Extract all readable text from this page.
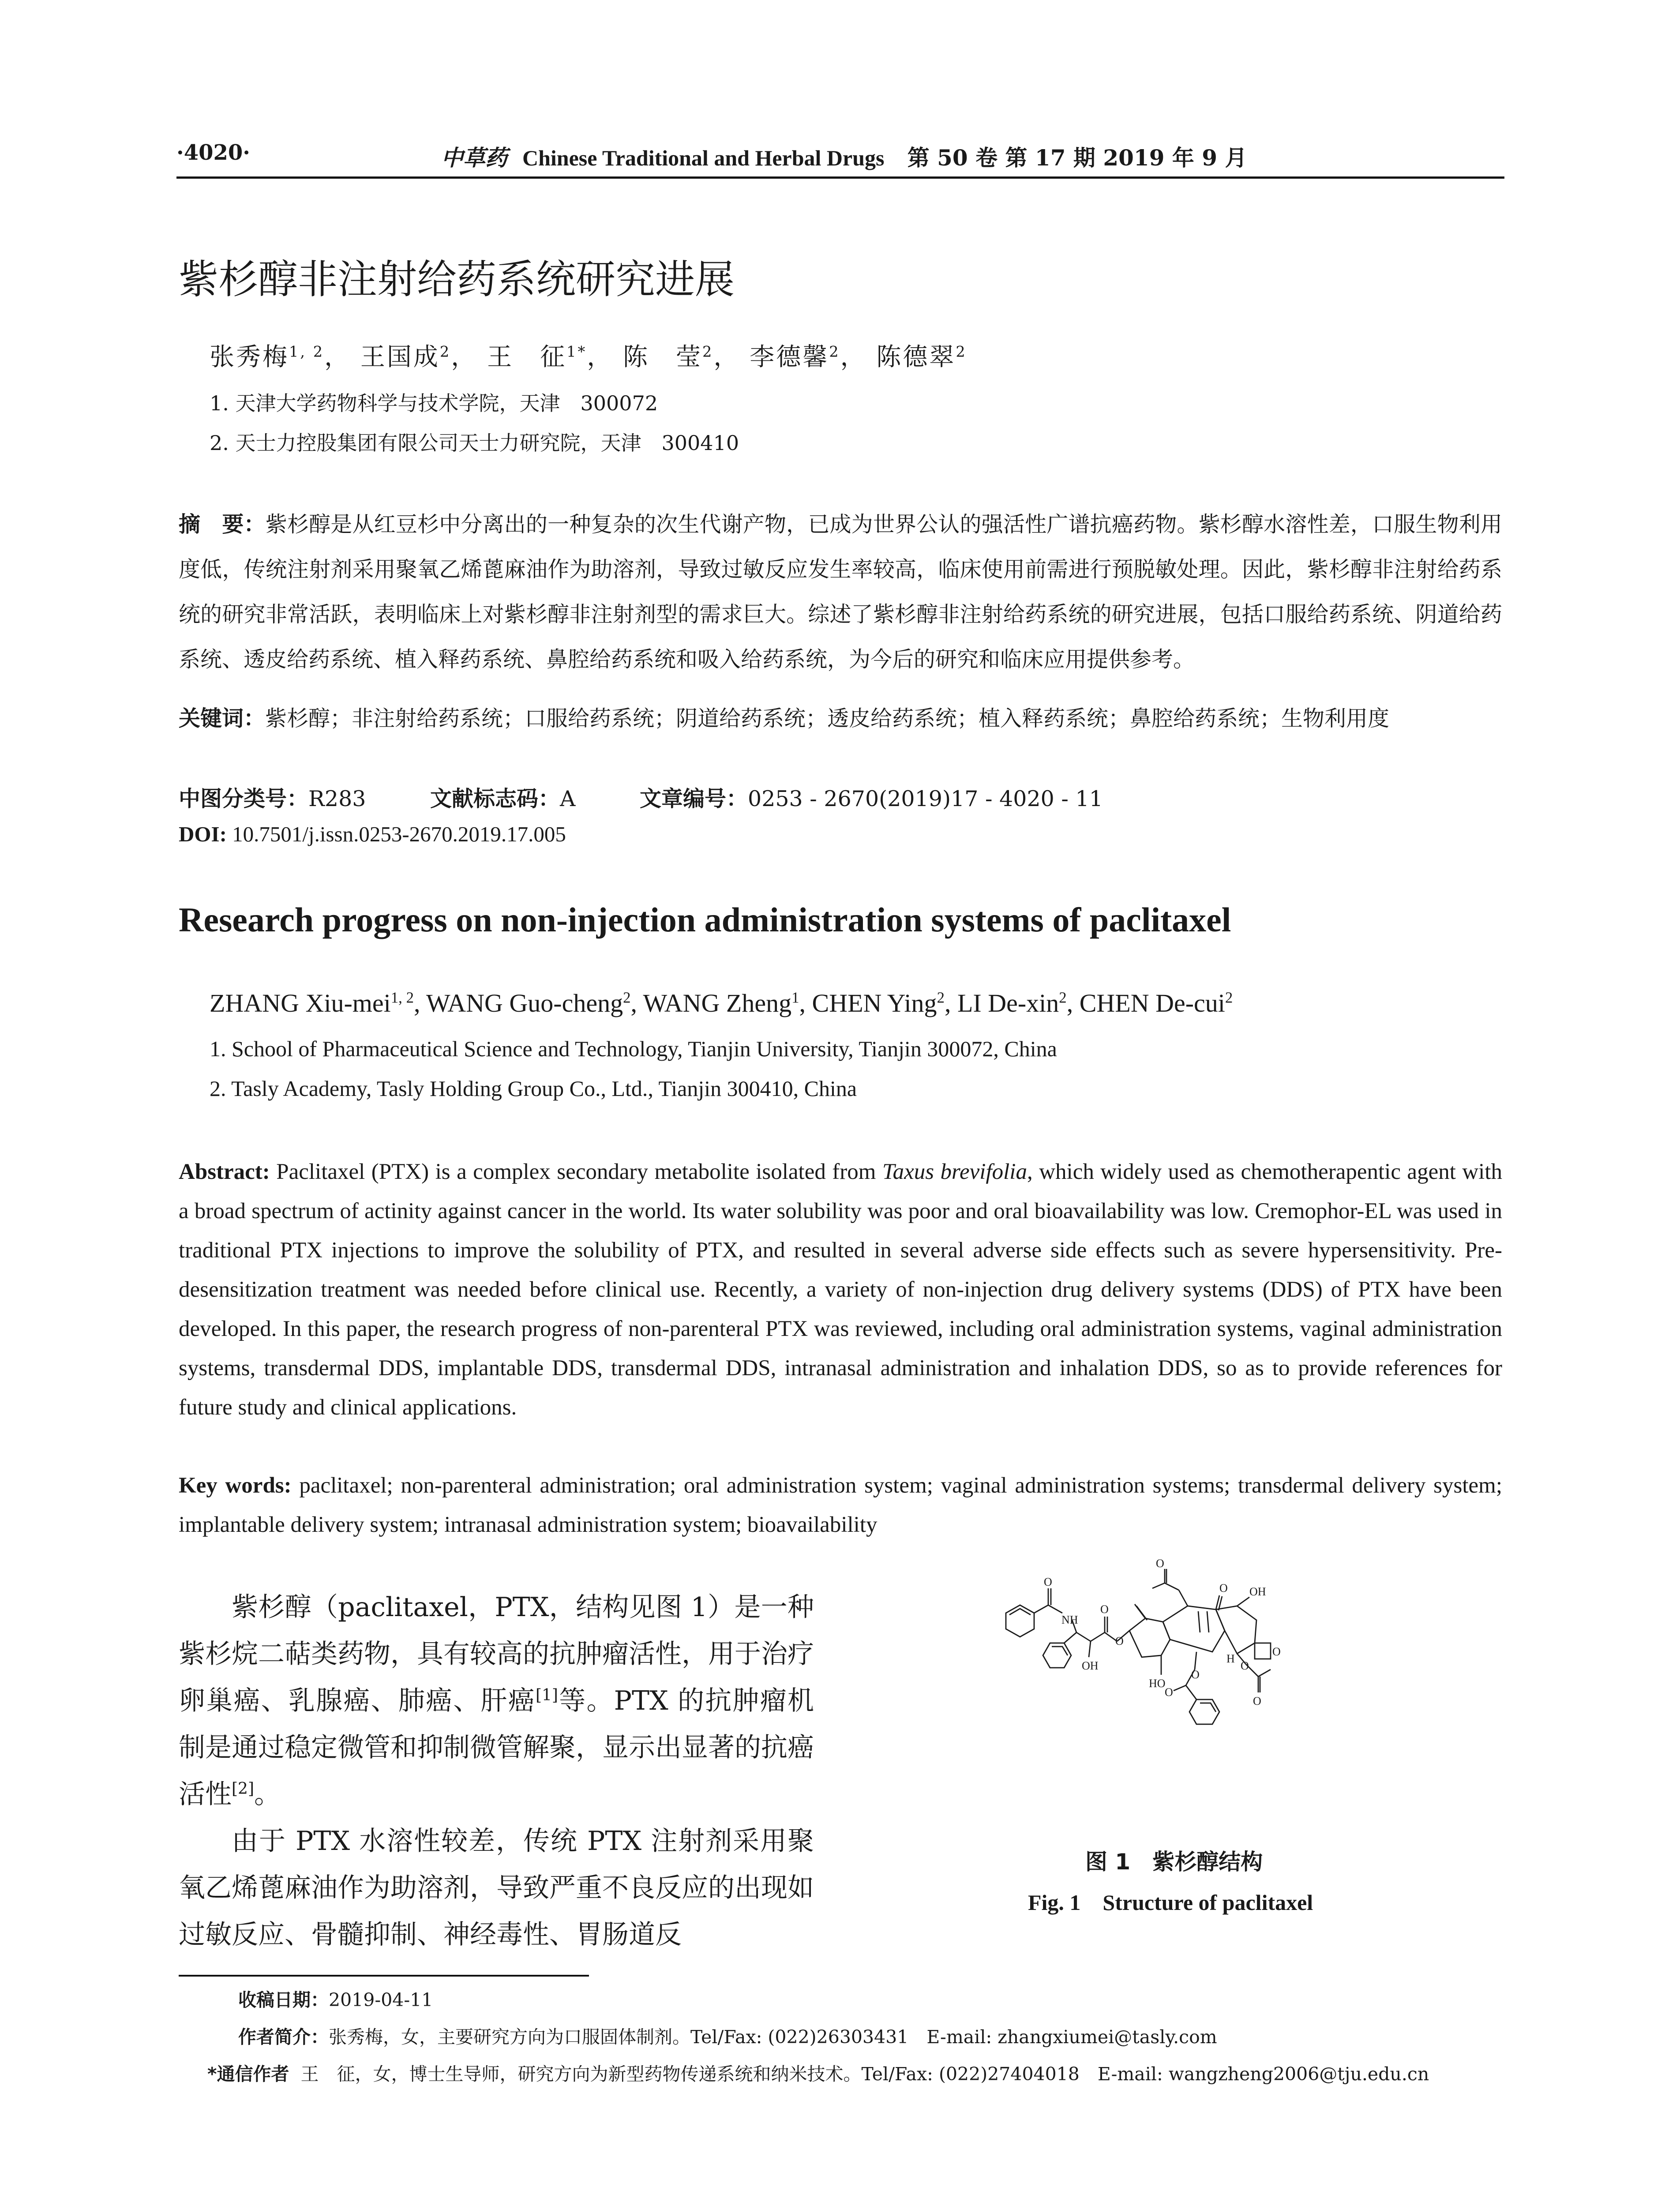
·4020·	中草药 Chinese Traditional and Herbal Drugs 第 50 卷 第 17 期 2019 年 9 月
紫杉醇非注射给药系统研究进展
张秀梅$^{1, 2}$， 王国成$^2$， 王　征$^{1*}$， 陈　莹$^2$， 李德馨$^2$， 陈德翠$^2$
1. 天津大学药物科学与技术学院，天津　300072
2. 天士力控股集团有限公司天士力研究院，天津　300410
摘　要：紫杉醇是从红豆杉中分离出的一种复杂的次生代谢产物，已成为世界公认的强活性广谱抗癌药物。紫杉醇水溶性差，口服生物利用度低，传统注射剂采用聚氧乙烯蓖麻油作为助溶剂，导致过敏反应发生率较高，临床使用前需进行预脱敏处理。因此，紫杉醇非注射给药系统的研究非常活跃，表明临床上对紫杉醇非注射剂型的需求巨大。综述了紫杉醇非注射给药系统的研究进展，包括口服给药系统、阴道给药系统、透皮给药系统、植入释药系统、鼻腔给药系统和吸入给药系统，为今后的研究和临床应用提供参考。
关键词：紫杉醇；非注射给药系统；口服给药系统；阴道给药系统；透皮给药系统；植入释药系统；鼻腔给药系统；生物利用度
中图分类号：R283	文献标志码：A	文章编号：0253 - 2670(2019)17 - 4020 - 11
DOI: 10.7501/j.issn.0253-2670.2019.17.005
Research progress on non-injection administration systems of paclitaxel
ZHANG Xiu-mei$^{1, 2}$, WANG Guo-cheng$^2$, WANG Zheng$^1$, CHEN Ying$^2$, LI De-xin$^2$, CHEN De-cui$^2$
1. School of Pharmaceutical Science and Technology, Tianjin University, Tianjin 300072, China
2. Tasly Academy, Tasly Holding Group Co., Ltd., Tianjin 300410, China
Abstract: Paclitaxel (PTX) is a complex secondary metabolite isolated from Taxus brevifolia, which widely used as chemotherapentic agent with a broad spectrum of actinity against cancer in the world. Its water solubility was poor and oral bioavailability was low. Cremophor-EL was used in traditional PTX injections to improve the solubility of PTX, and resulted in several adverse side effects such as severe hypersensitivity. Pre-desensitization treatment was needed before clinical use. Recently, a variety of non-injection drug delivery systems (DDS) of PTX have been developed. In this paper, the research progress of non-parenteral PTX was reviewed, including oral administration systems, vaginal administration systems, transdermal DDS, implantable DDS, transdermal DDS, intranasal administration and inhalation DDS, so as to provide references for future study and clinical applications.
Key words: paclitaxel; non-parenteral administration; oral administration system; vaginal administration systems; transdermal delivery system; implantable delivery system; intranasal administration system; bioavailability

紫杉醇（paclitaxel，PTX，结构见图 1）是一种紫杉烷二萜类药物，具有较高的抗肿瘤活性，用于治疗卵巢癌、乳腺癌、肺癌、肝癌[1]等。PTX 的抗肿瘤机制是通过稳定微管和抑制微管解聚，显示出显著的抗癌活性[2]。

由于 PTX 水溶性较差，传统 PTX 注射剂采用聚氧乙烯蓖麻油作为助溶剂，导致严重不良反应的出现如过敏反应、骨髓抑制、神经毒性、胃肠道反

O
O	OH
NH
O
O
O
OH
HO
H
O
O
O
O
O
图 1　紫杉醇结构
Fig. 1　Structure of paclitaxel
收稿日期：2019-04-11
作者简介：张秀梅，女，主要研究方向为口服固体制剂。Tel/Fax: (022)26303431　E-mail: zhangxiumei@tasly.com
*通信作者 王　征，女，博士生导师，研究方向为新型药物传递系统和纳米技术。Tel/Fax: (022)27404018　E-mail: wangzheng2006@tju.edu.cn
